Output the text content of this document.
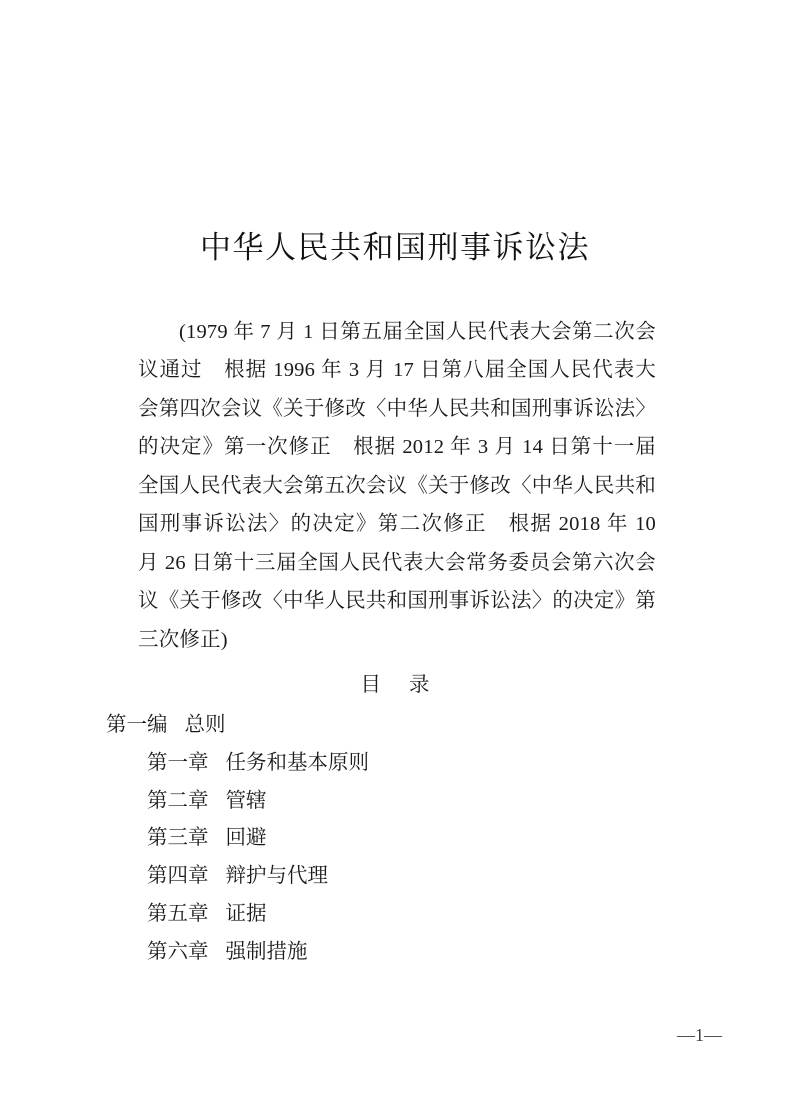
中华人民共和国刑事诉讼法

(1979 年 7 月 1 日第五届全国人民代表大会第二次会议通过　根据 1996 年 3 月 17 日第八届全国人民代表大会第四次会议《关于修改〈中华人民共和国刑事诉讼法〉的决定》第一次修正　根据 2012 年 3 月 14 日第十一届全国人民代表大会第五次会议《关于修改〈中华人民共和国刑事诉讼法〉的决定》第二次修正　根据 2018 年 10 月 26 日第十三届全国人民代表大会常务委员会第六次会议《关于修改〈中华人民共和国刑事诉讼法〉的决定》第三次修正)

目 录
第一编 总则
第一章 任务和基本原则
第二章 管辖
第三章 回避
第四章 辩护与代理
第五章 证据
第六章 强制措施
—1—
